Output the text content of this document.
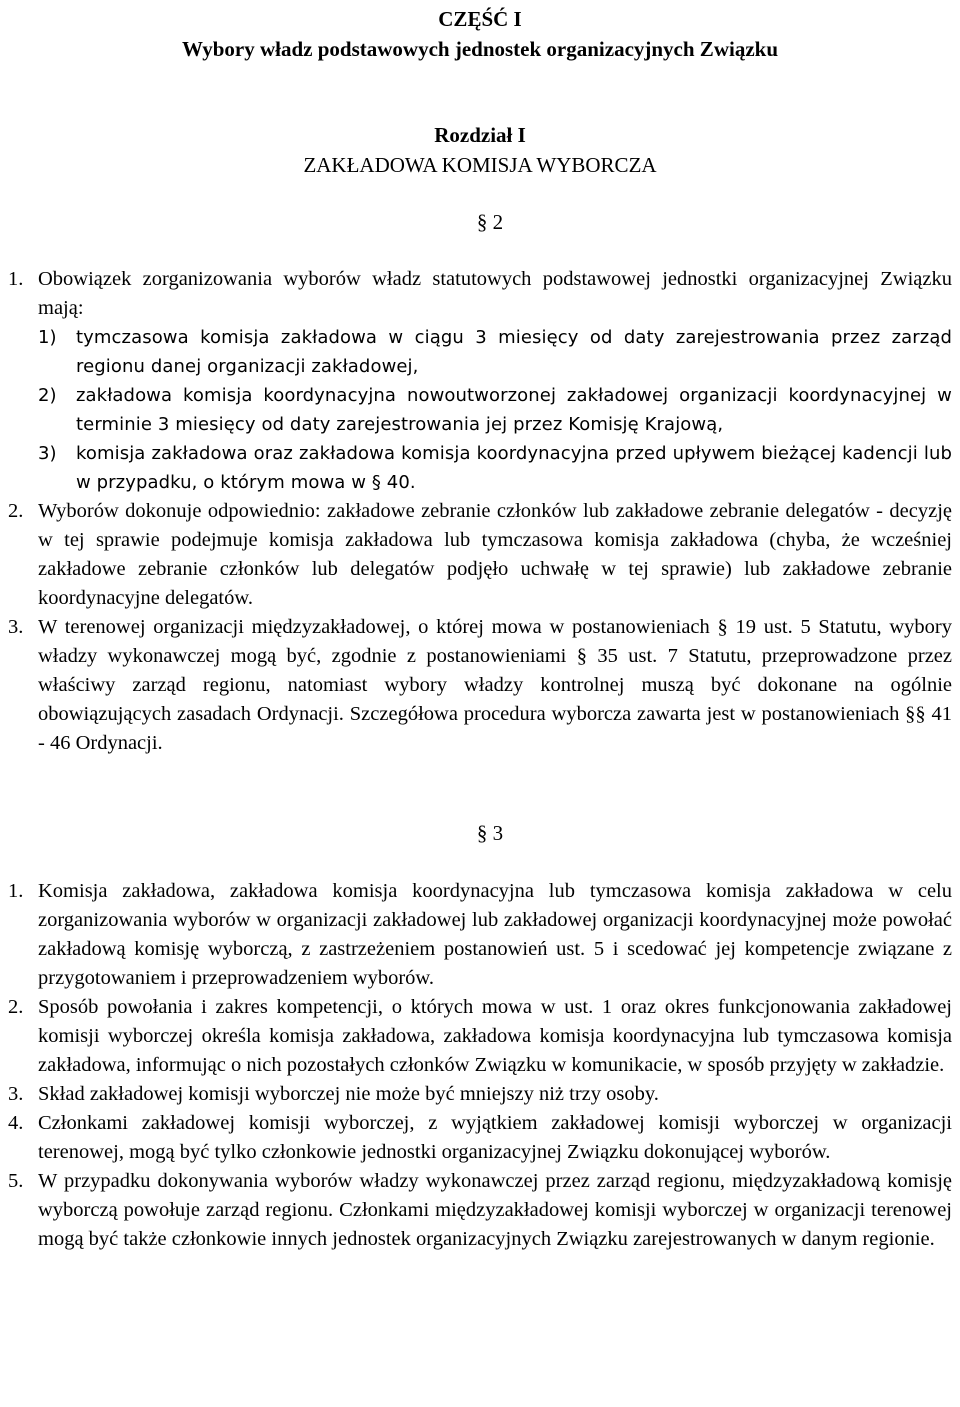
CZĘŚĆ I
Wybory władz podstawowych jednostek organizacyjnych Związku
Rozdział I
ZAKŁADOWA KOMISJA WYBORCZA
§ 2
1. Obowiązek zorganizowania wyborów władz statutowych podstawowej jednostki organizacyjnej Związku mają:
1)	tymczasowa komisja zakładowa w ciągu 3 miesięcy od daty zarejestrowania przez zarząd regionu danej organizacji zakładowej,
2)	zakładowa komisja koordynacyjna nowoutworzonej zakładowej organizacji koordynacyjnej w terminie 3 miesięcy od daty zarejestrowania jej przez Komisję Krajową,
3)	komisja zakładowa oraz zakładowa komisja koordynacyjna przed upływem bieżącej kadencji lub w przypadku, o którym mowa w § 40.
2. Wyborów dokonuje odpowiednio: zakładowe zebranie członków lub zakładowe zebranie delegatów - decyzję w tej sprawie podejmuje komisja zakładowa lub tymczasowa komisja zakładowa (chyba, że wcześniej zakładowe zebranie członków lub delegatów podjęło uchwałę w tej sprawie) lub zakładowe zebranie koordynacyjne delegatów.
3. W terenowej organizacji międzyzakładowej, o której mowa w postanowieniach § 19 ust. 5 Statutu, wybory władzy wykonawczej mogą być, zgodnie z postanowieniami § 35 ust. 7 Statutu, przeprowadzone przez właściwy zarząd regionu, natomiast wybory władzy kontrolnej muszą być dokonane na ogólnie obowiązujących zasadach Ordynacji. Szczegółowa procedura wyborcza zawarta jest w postanowieniach §§ 41 - 46 Ordynacji.
§ 3
1. Komisja zakładowa, zakładowa komisja koordynacyjna lub tymczasowa komisja zakładowa w celu zorganizowania wyborów w organizacji zakładowej lub zakładowej organizacji koordynacyjnej może powołać zakładową komisję wyborczą, z zastrzeżeniem postanowień ust. 5 i scedować jej kompetencje związane z przygotowaniem i przeprowadzeniem wyborów.
2. Sposób powołania i zakres kompetencji, o których mowa w ust. 1 oraz okres funkcjonowania zakładowej komisji wyborczej określa komisja zakładowa, zakładowa komisja koordynacyjna lub tymczasowa komisja zakładowa, informując o nich pozostałych członków Związku w komunikacie, w sposób przyjęty w zakładzie.
3. Skład zakładowej komisji wyborczej nie może być mniejszy niż trzy osoby.
4. Członkami zakładowej komisji wyborczej, z wyjątkiem zakładowej komisji wyborczej w organizacji terenowej, mogą być tylko członkowie jednostki organizacyjnej Związku dokonującej wyborów.
5. W przypadku dokonywania wyborów władzy wykonawczej przez zarząd regionu, międzyzakładową komisję wyborczą powołuje zarząd regionu. Członkami międzyzakładowej komisji wyborczej w organizacji terenowej mogą być także członkowie innych jednostek organizacyjnych Związku zarejestrowanych w danym regionie.
